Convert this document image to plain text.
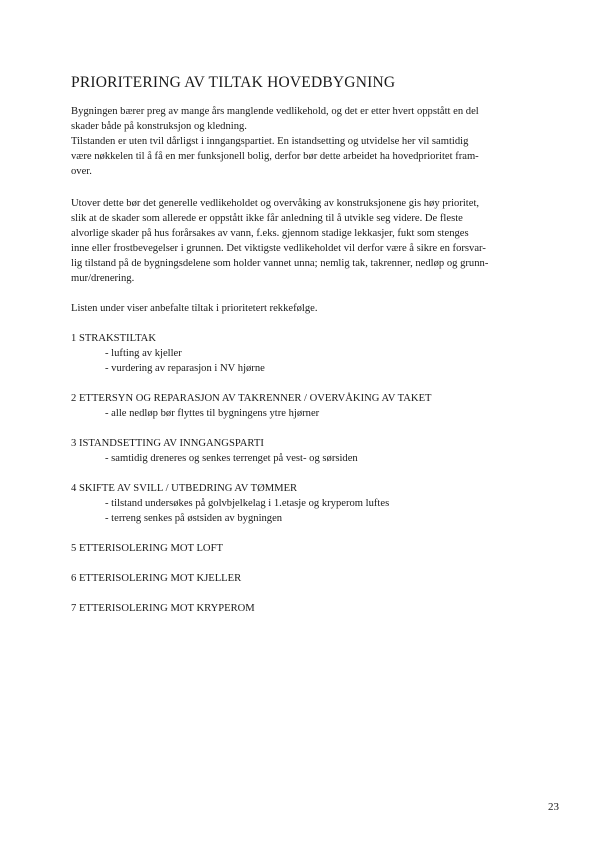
PRIORITERING AV TILTAK HOVEDBYGNING
Bygningen bærer preg av mange års manglende vedlikehold, og det er etter hvert oppstått en del
skader både på konstruksjon og kledning.
Tilstanden er uten tvil dårligst i inngangspartiet. En istandsetting og utvidelse her vil samtidig
være nøkkelen til å få en mer funksjonell bolig, derfor bør dette arbeidet ha hovedprioritet fram-
over.
Utover dette bør det generelle vedlikeholdet og overvåking av konstruksjonene gis høy prioritet,
slik at de skader som allerede er oppstått ikke får anledning til å utvikle seg videre. De fleste
alvorlige skader på hus forårsakes av vann, f.eks. gjennom stadige lekkasjer, fukt som stenges
inne eller frostbevegelser i grunnen. Det viktigste vedlikeholdet vil derfor være å sikre en forsvar-
lig tilstand på de bygningsdelene som holder vannet unna; nemlig tak, takrenner, nedløp og grunn-
mur/drenering.
Listen under viser anbefalte tiltak i prioritetert rekkefølge.
1 STRAKSTILTAK
- lufting av kjeller
- vurdering av reparasjon i NV hjørne
2 ETTERSYN OG REPARASJON AV TAKRENNER / OVERVÅKING AV TAKET
- alle nedløp bør flyttes til bygningens ytre hjørner
3 ISTANDSETTING AV INNGANGSPARTI
- samtidig dreneres og senkes terrenget på vest- og sørsiden
4 SKIFTE AV SVILL / UTBEDRING AV TØMMER
- tilstand undersøkes på golvbjelkelag i 1.etasje og kryperom luftes
- terreng senkes på østsiden av bygningen
5 ETTERISOLERING MOT LOFT
6 ETTERISOLERING MOT KJELLER
7 ETTERISOLERING MOT KRYPEROM
23
